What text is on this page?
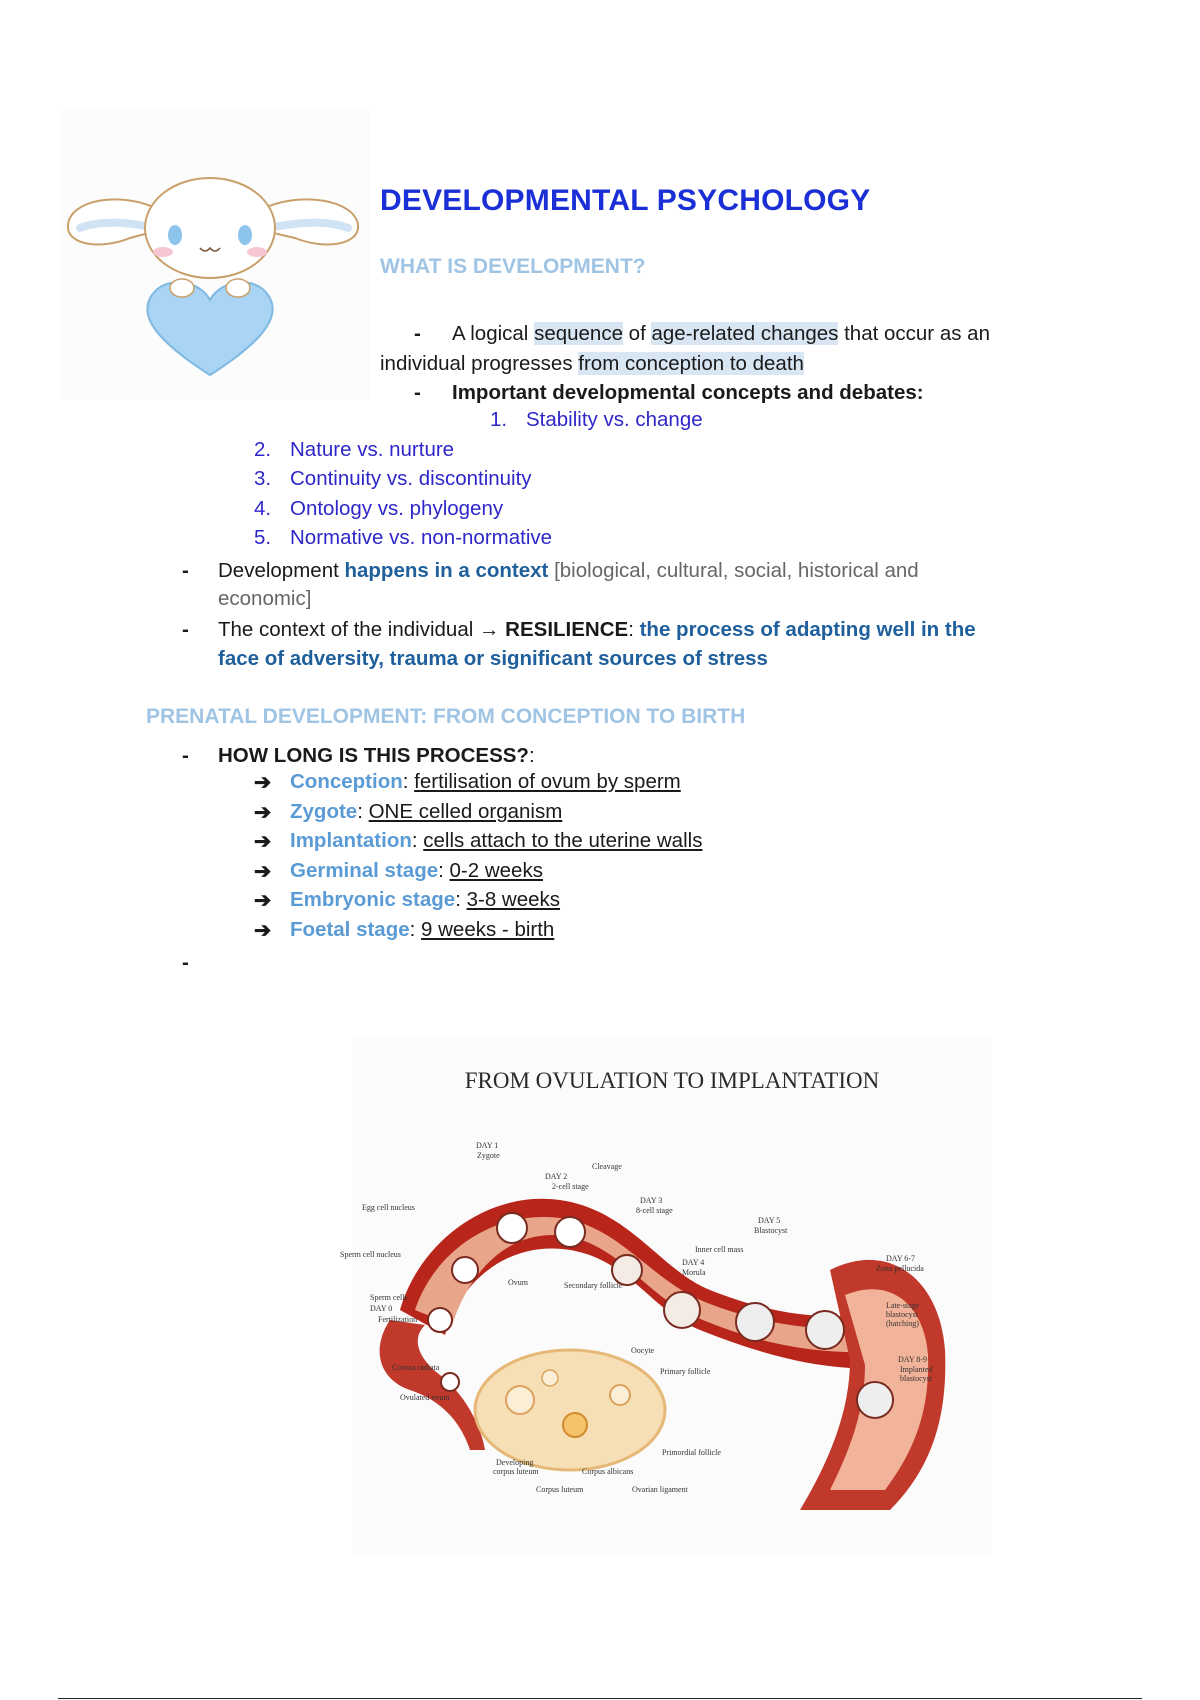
DEVELOPMENTAL PSYCHOLOGY
WHAT IS DEVELOPMENT?
- A logical sequence of age-related changes that occur as an
individual progresses from conception to death
- Important developmental concepts and debates:
1. Stability vs. change
2. Nature vs. nurture
3. Continuity vs. discontinuity
4. Ontology vs. phylogeny
5. Normative vs. non-normative
- Development happens in a context [biological, cultural, social, historical and
economic]
- The context of the individual → RESILIENCE: the process of adapting well in the
face of adversity, trauma or significant sources of stress
PRENATAL DEVELOPMENT: FROM CONCEPTION TO BIRTH
- HOW LONG IS THIS PROCESS?:
➔ Conception: fertilisation of ovum by sperm
➔ Zygote: ONE celled organism
➔ Implantation: cells attach to the uterine walls
➔ Germinal stage: 0-2 weeks
➔ Embryonic stage: 3-8 weeks
➔ Foetal stage: 9 weeks - birth
-
FROM OVULATION TO IMPLANTATION
DAY 1
Zygote
DAY 2
2-cell stage
Cleavage
DAY 3
8-cell stage
Egg cell nucleus
Sperm cell nucleus
Inner cell mass
DAY 4
Morula
DAY 5
Blastocyst
DAY 6-7
Zona pellucida
Sperm cells
DAY 0
Fertilization
Ovum	Secondary follicle
Late-stage
blastocyst
(hatching)
Oocyte
DAY 8-9
Implanted
blastocyst
Corona radiata	Primary follicle
Ovulated ovum
Primordial follicle
Developing
corpus luteum	Corpus albicans
Corpus luteum	Ovarian ligament
